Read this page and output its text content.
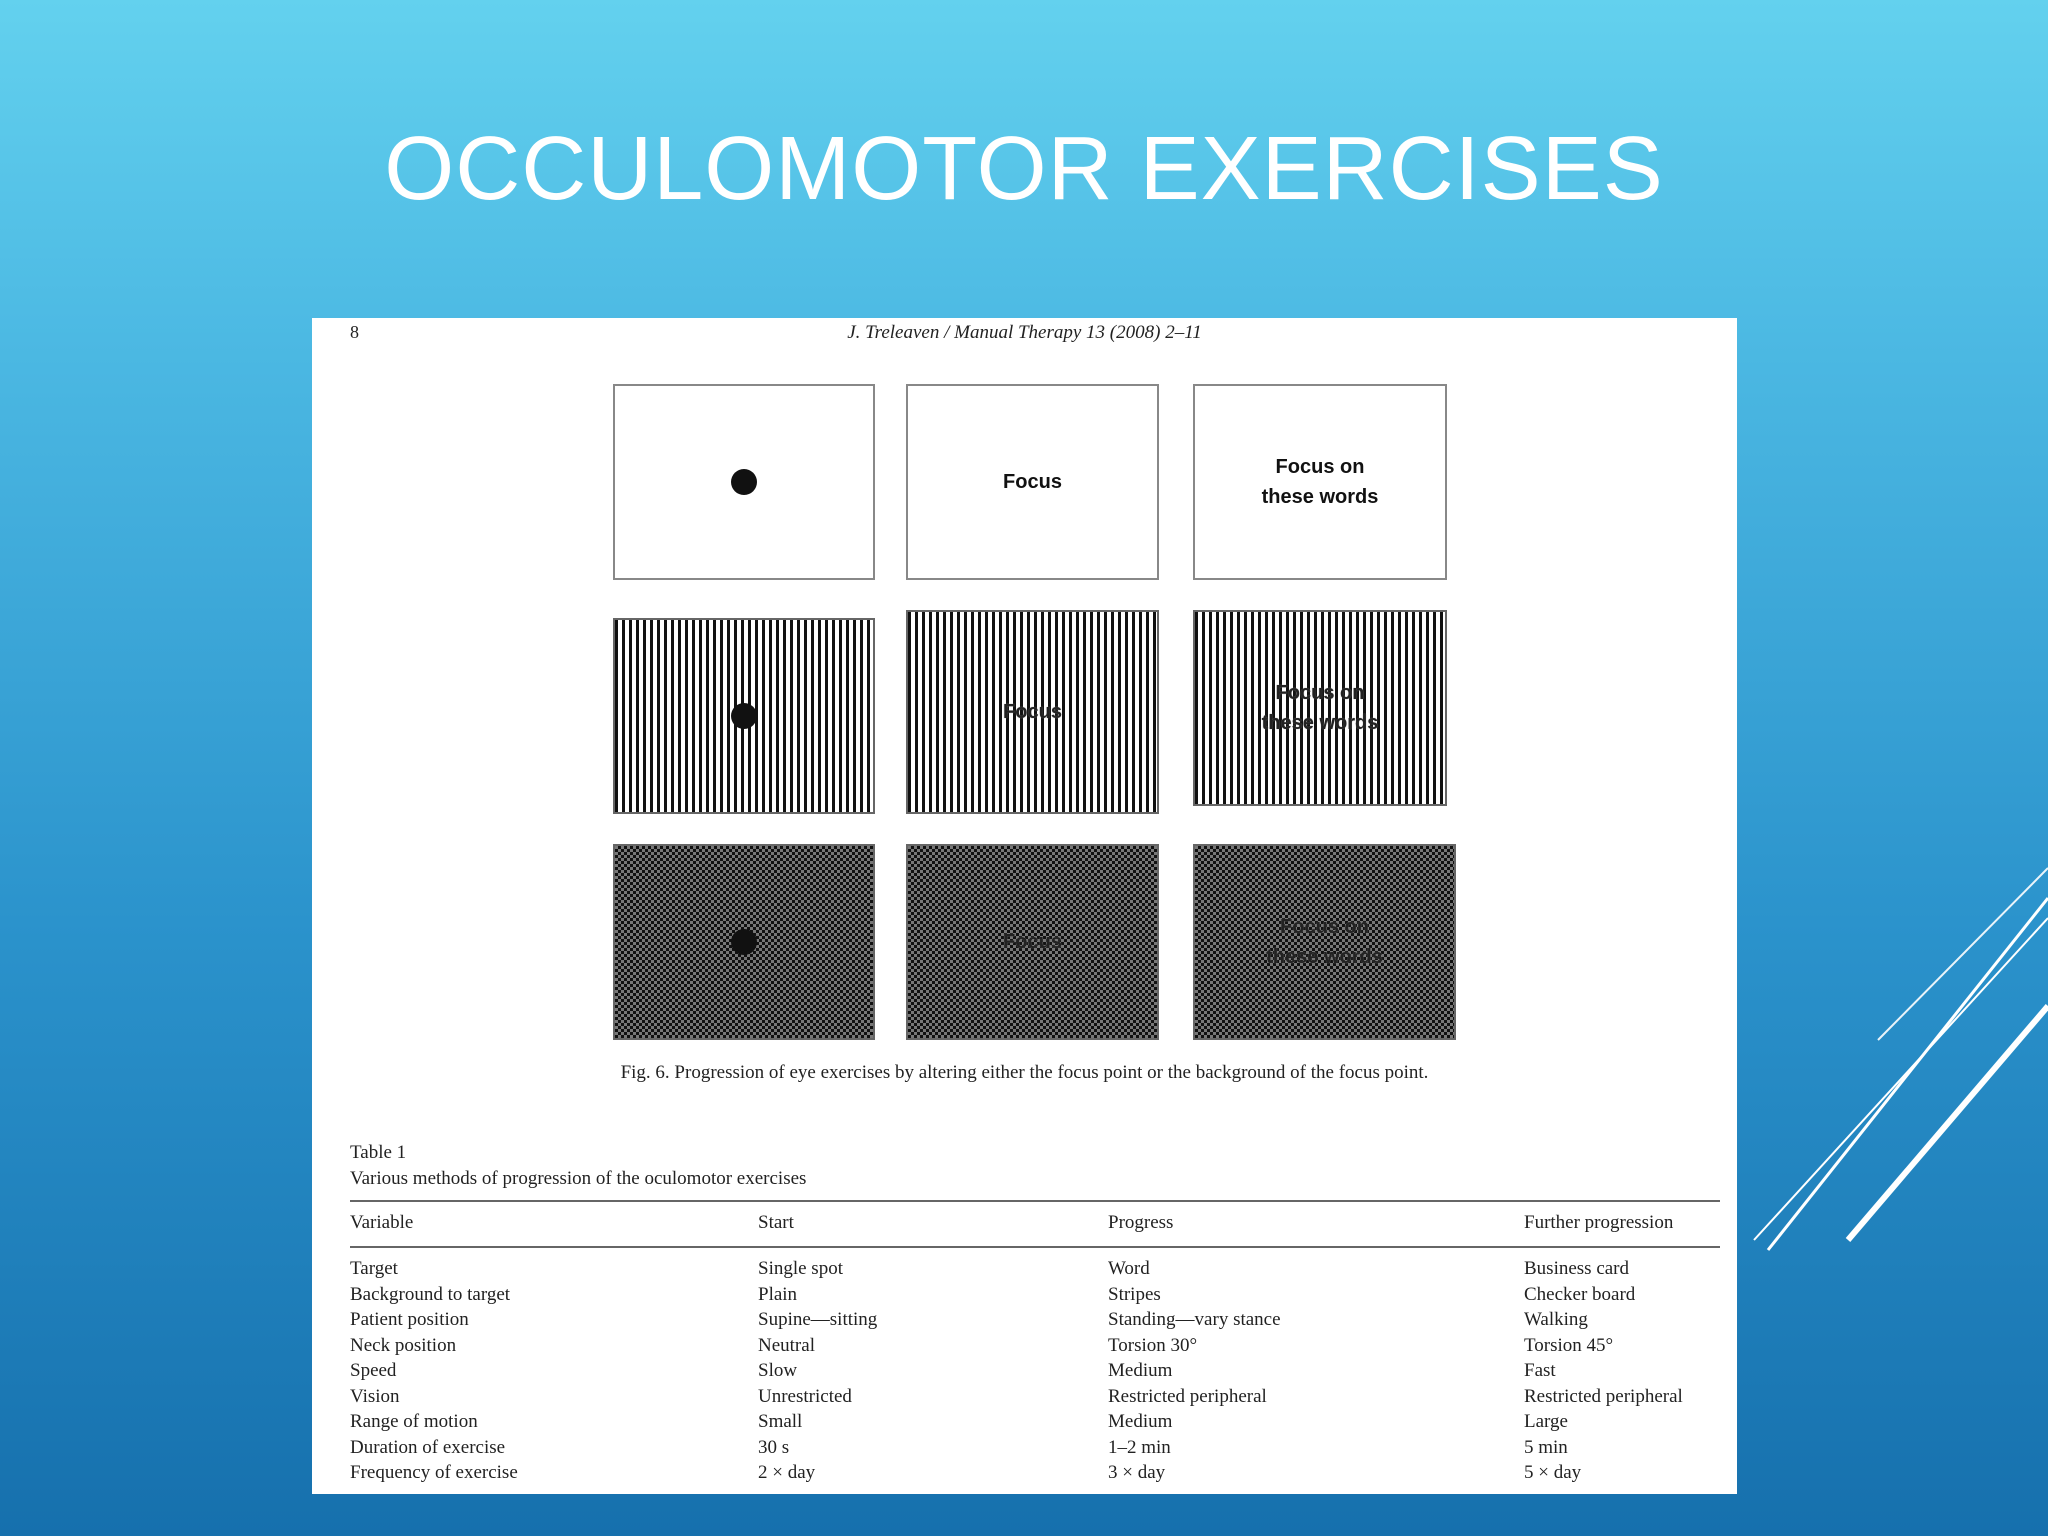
OCCULOMOTOR EXERCISES
8	J. Treleaven / Manual Therapy 13 (2008) 2–11
Focus
Focus on
these words
Focus
Focus on
these words
Focus
Focus on
these words
Fig. 6. Progression of eye exercises by altering either the focus point or the background of the focus point.
Table 1
Various methods of progression of the oculomotor exercises
Variable	Start	Progress	Further progression
Target	Single spot	Word	Business card
Background to target	Plain	Stripes	Checker board
Patient position	Supine—sitting	Standing—vary stance	Walking
Neck position	Neutral	Torsion 30°	Torsion 45°
Speed	Slow	Medium	Fast
Vision	Unrestricted	Restricted peripheral	Restricted peripheral
Range of motion	Small	Medium	Large
Duration of exercise	30 s	1–2 min	5 min
Frequency of exercise	2 × day	3 × day	5 × day
